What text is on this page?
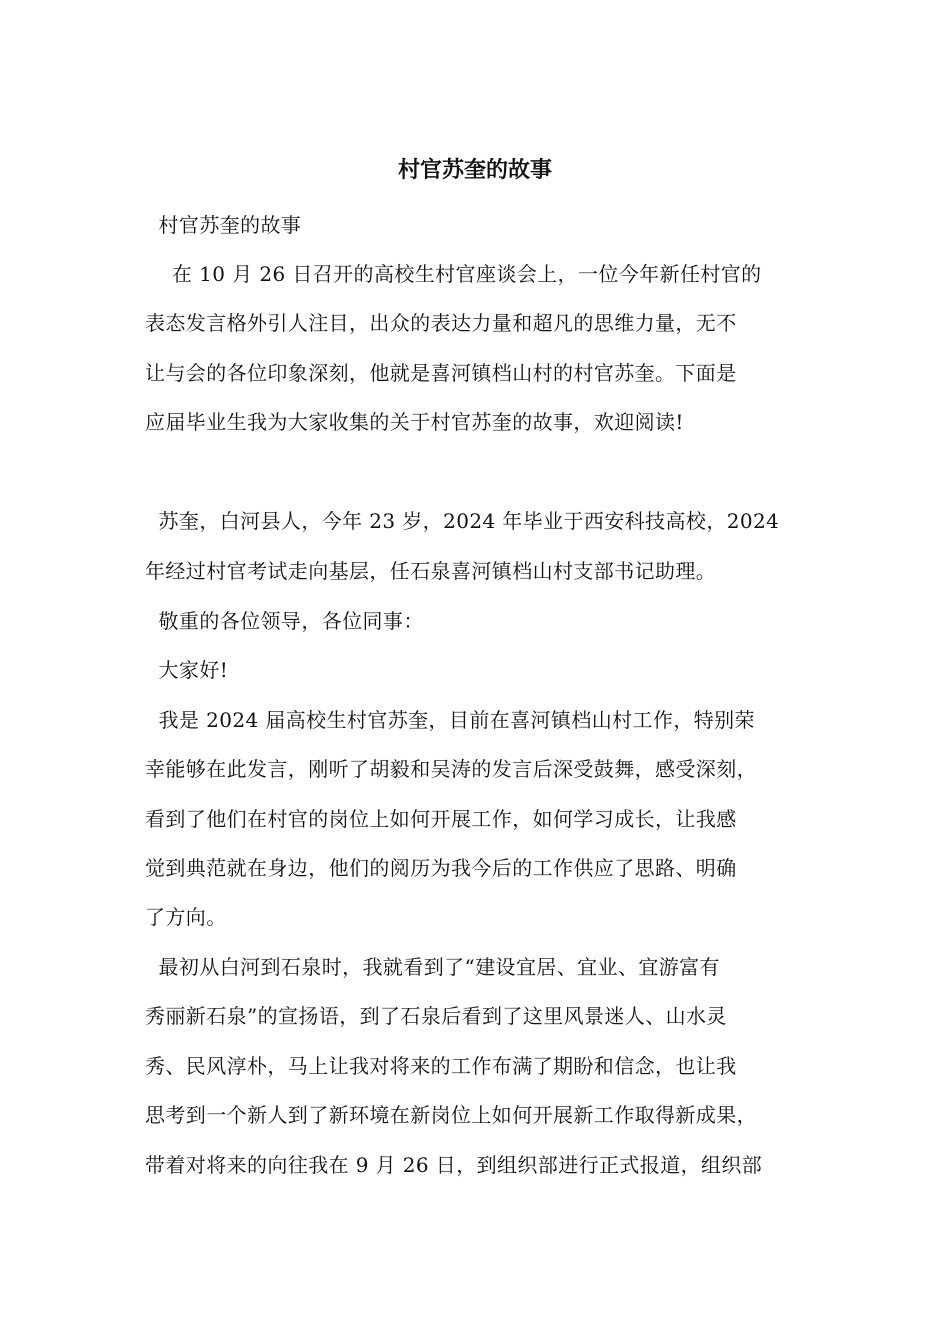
村官苏奎的故事
村官苏奎的故事
在 10 月 26 日召开的高校生村官座谈会上，一位今年新任村官的
表态发言格外引人注目，出众的表达力量和超凡的思维力量，无不
让与会的各位印象深刻，他就是喜河镇档山村的村官苏奎。下面是
应届毕业生我为大家收集的关于村官苏奎的故事，欢迎阅读!
苏奎，白河县人，今年 23 岁，2024 年毕业于西安科技高校，2024
年经过村官考试走向基层，任石泉喜河镇档山村支部书记助理。
敬重的各位领导，各位同事：
大家好!
我是 2024 届高校生村官苏奎，目前在喜河镇档山村工作，特别荣
幸能够在此发言，刚听了胡毅和吴涛的发言后深受鼓舞，感受深刻，
看到了他们在村官的岗位上如何开展工作，如何学习成长，让我感
觉到典范就在身边，他们的阅历为我今后的工作供应了思路、明确
了方向。
最初从白河到石泉时，我就看到了“建设宜居、宜业、宜游富有
秀丽新石泉”的宣扬语，到了石泉后看到了这里风景迷人、山水灵
秀、民风淳朴，马上让我对将来的工作布满了期盼和信念，也让我
思考到一个新人到了新环境在新岗位上如何开展新工作取得新成果，
带着对将来的向往我在 9 月 26 日，到组织部进行正式报道，组织部
